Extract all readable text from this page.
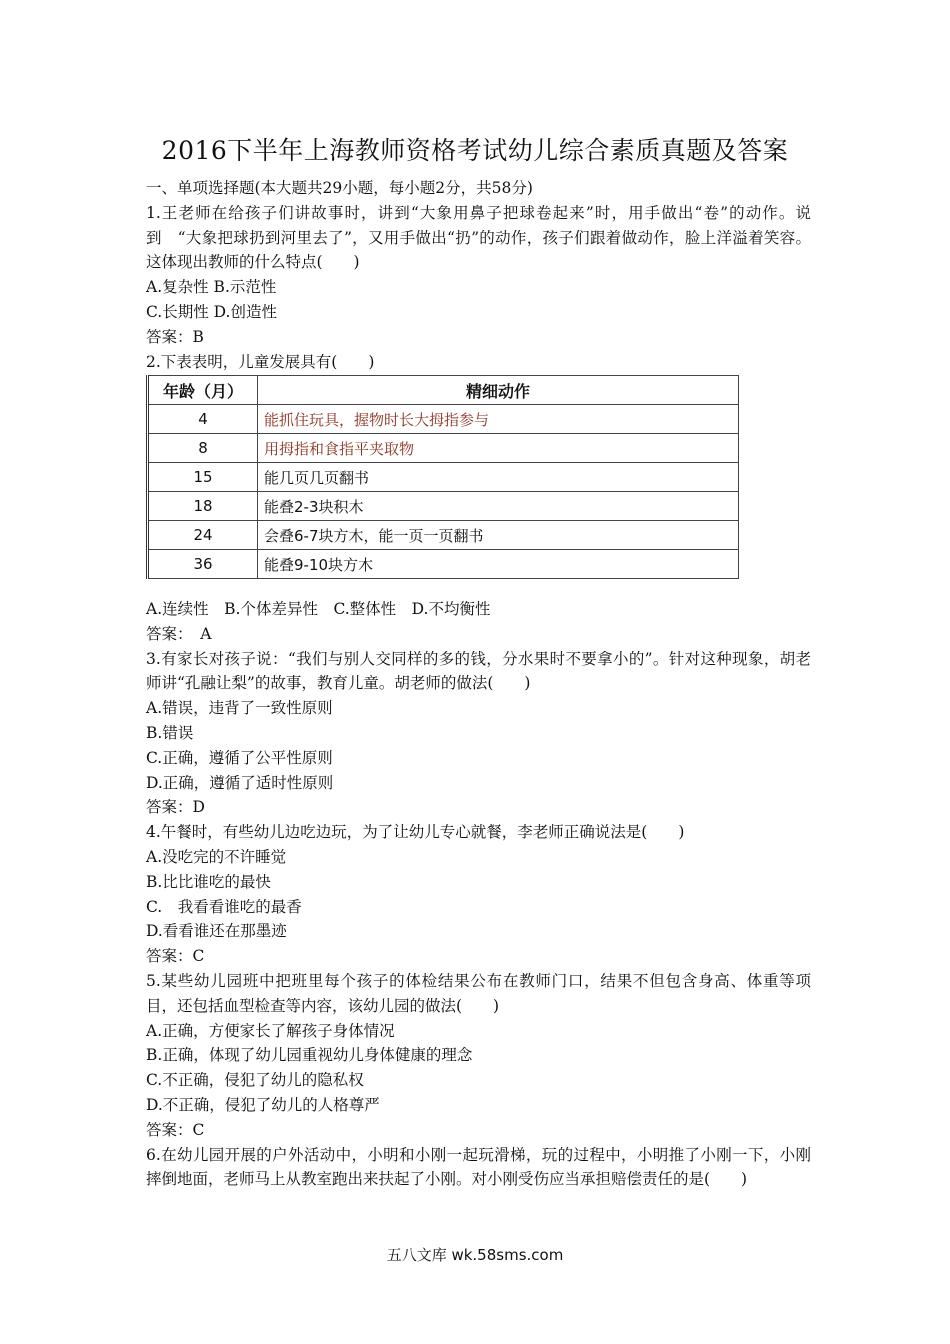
2016下半年上海教师资格考试幼儿综合素质真题及答案

一、单项选择题(本大题共29小题，每小题2分，共58分)

1.王老师在给孩子们讲故事时，讲到“大象用鼻子把球卷起来”时，用手做出“卷”的动作。说到　“大象把球扔到河里去了”，又用手做出“扔”的动作，孩子们跟着做动作，脸上洋溢着笑容。这体现出教师的什么特点(　　)

A.复杂性 B.示范性

C.长期性 D.创造性

答案：B

2.下表表明，儿童发展具有(　　)

年龄（月）	精细动作
4	能抓住玩具，握物时长大拇指参与
8	用拇指和食指平夹取物
15	能几页几页翻书
18	能叠2-3块积木
24	会叠6-7块方木，能一页一页翻书
36	能叠9-10块方木

A.连续性　B.个体差异性　C.整体性　D.不均衡性

答案：　A

3.有家长对孩子说：“我们与别人交同样的多的钱，分水果时不要拿小的”。针对这种现象，胡老师讲“孔融让梨”的故事，教育儿童。胡老师的做法(　　)

A.错误，违背了一致性原则

B.错误

C.正确，遵循了公平性原则

D.正确，遵循了适时性原则

答案：D

4.午餐时，有些幼儿边吃边玩，为了让幼儿专心就餐，李老师正确说法是(　　)

A.没吃完的不许睡觉

B.比比谁吃的最快

C.　我看看谁吃的最香

D.看看谁还在那墨迹

答案：C

5.某些幼儿园班中把班里每个孩子的体检结果公布在教师门口，结果不但包含身高、体重等项目，还包括血型检查等内容，该幼儿园的做法(　　)

A.正确，方便家长了解孩子身体情况

B.正确，体现了幼儿园重视幼儿身体健康的理念

C.不正确，侵犯了幼儿的隐私权

D.不正确，侵犯了幼儿的人格尊严

答案：C

6.在幼儿园开展的户外活动中，小明和小刚一起玩滑梯，玩的过程中，小明推了小刚一下，小刚摔倒地面，老师马上从教室跑出来扶起了小刚。对小刚受伤应当承担赔偿责任的是(　　)

五八文库 wk.58sms.com
